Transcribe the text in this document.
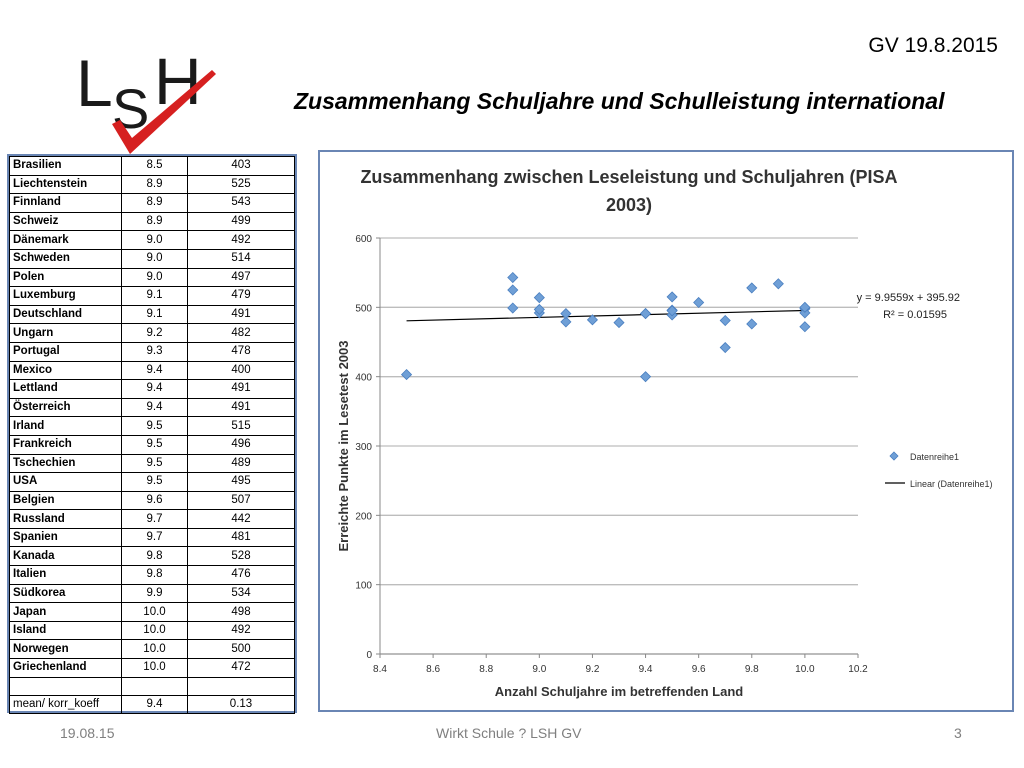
L S H	GV 19.8.2015
Zusammenhang Schuljahre und Schulleistung international
Brasilien	8.5	403
Liechtenstein	8.9	525
Finnland	8.9	543
Schweiz	8.9	499
Dänemark	9.0	492
Schweden	9.0	514
Polen	9.0	497
Luxemburg	9.1	479
Deutschland	9.1	491
Ungarn	9.2	482
Portugal	9.3	478
Mexico	9.4	400
Lettland	9.4	491
Österreich	9.4	491
Irland	9.5	515
Frankreich	9.5	496
Tschechien	9.5	489
USA	9.5	495
Belgien	9.6	507
Russland	9.7	442
Spanien	9.7	481
Kanada	9.8	528
Italien	9.8	476
Südkorea	9.9	534
Japan	10.0	498
Island	10.0	492
Norwegen	10.0	500
Griechenland	10.0	472

mean/ korr_koeff	9.4	0.13
Zusammenhang zwischen Leseleistung und Schuljahren (PISA
2003)
0
100
200
300
400
500
600
8.4	8.6	8.8	9.0	9.2	9.4	9.6	9.8	10.0	10.2
Anzahl Schuljahre im betreffenden Land
Erreichte Punkte im Lesetest 2003
y = 9.9559x + 395.92
R² = 0.01595
Datenreihe1
Linear (Datenreihe1)
19.08.15	Wirkt Schule ? LSH GV	3
